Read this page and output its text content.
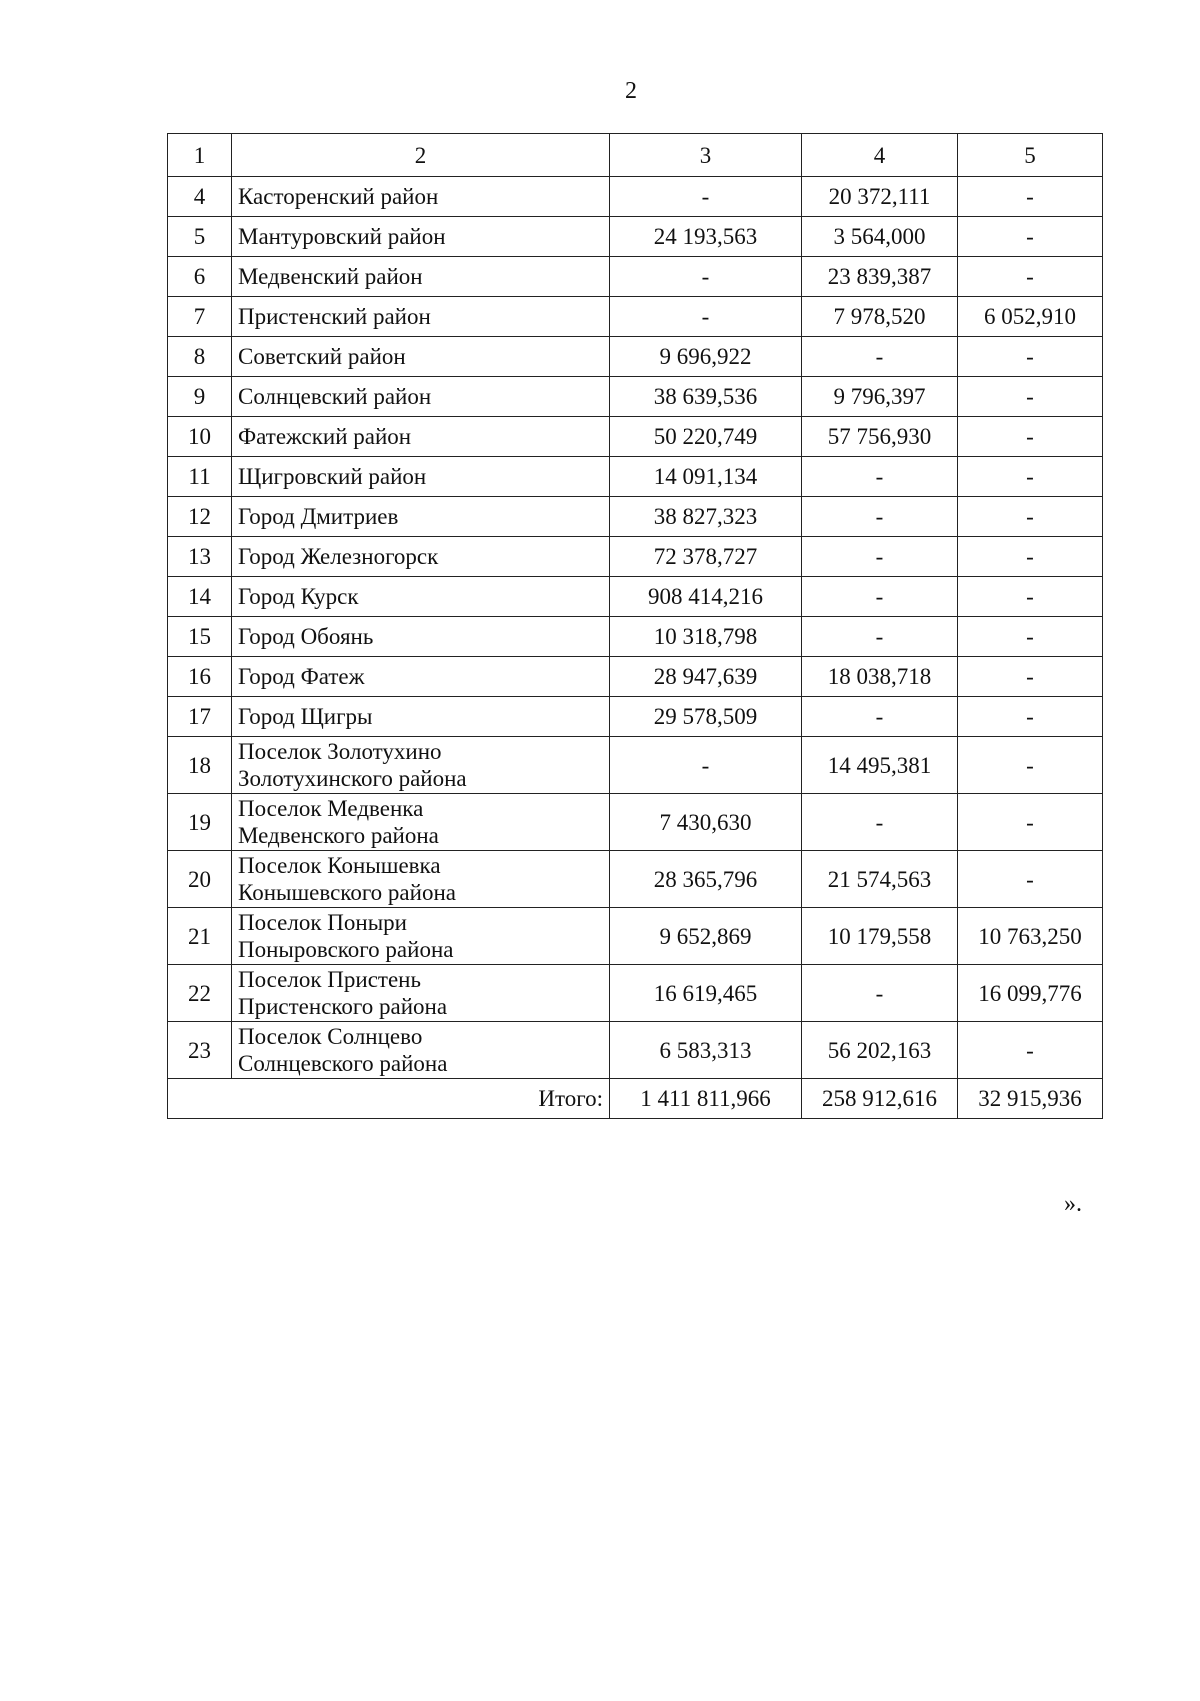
2
1	2	3	4	5
4	Касторенский район	-	20 372,111	-
5	Мантуровский район	24 193,563	3 564,000	-
6	Медвенский район	-	23 839,387	-
7	Пристенский район	-	7 978,520	6 052,910
8	Советский район	9 696,922	-	-
9	Солнцевский район	38 639,536	9 796,397	-
10	Фатежский район	50 220,749	57 756,930	-
11	Щигровский район	14 091,134	-	-
12	Город Дмитриев	38 827,323	-	-
13	Город Железногорск	72 378,727	-	-
14	Город Курск	908 414,216	-	-
15	Город Обоянь	10 318,798	-	-
16	Город Фатеж	28 947,639	18 038,718	-
17	Город Щигры	29 578,509	-	-
18	Поселок Золотухино
Золотухинского района	-	14 495,381	-
19	Поселок Медвенка
Медвенского района	7 430,630	-	-
20	Поселок Конышевка
Конышевского района	28 365,796	21 574,563	-
21	Поселок Поныри
Поныровского района	9 652,869	10 179,558	10 763,250
22	Поселок Пристень
Пристенского района	16 619,465	-	16 099,776
23	Поселок Солнцево
Солнцевского района	6 583,313	56 202,163	-
Итого:		1 411 811,966	258 912,616	32 915,936
».
